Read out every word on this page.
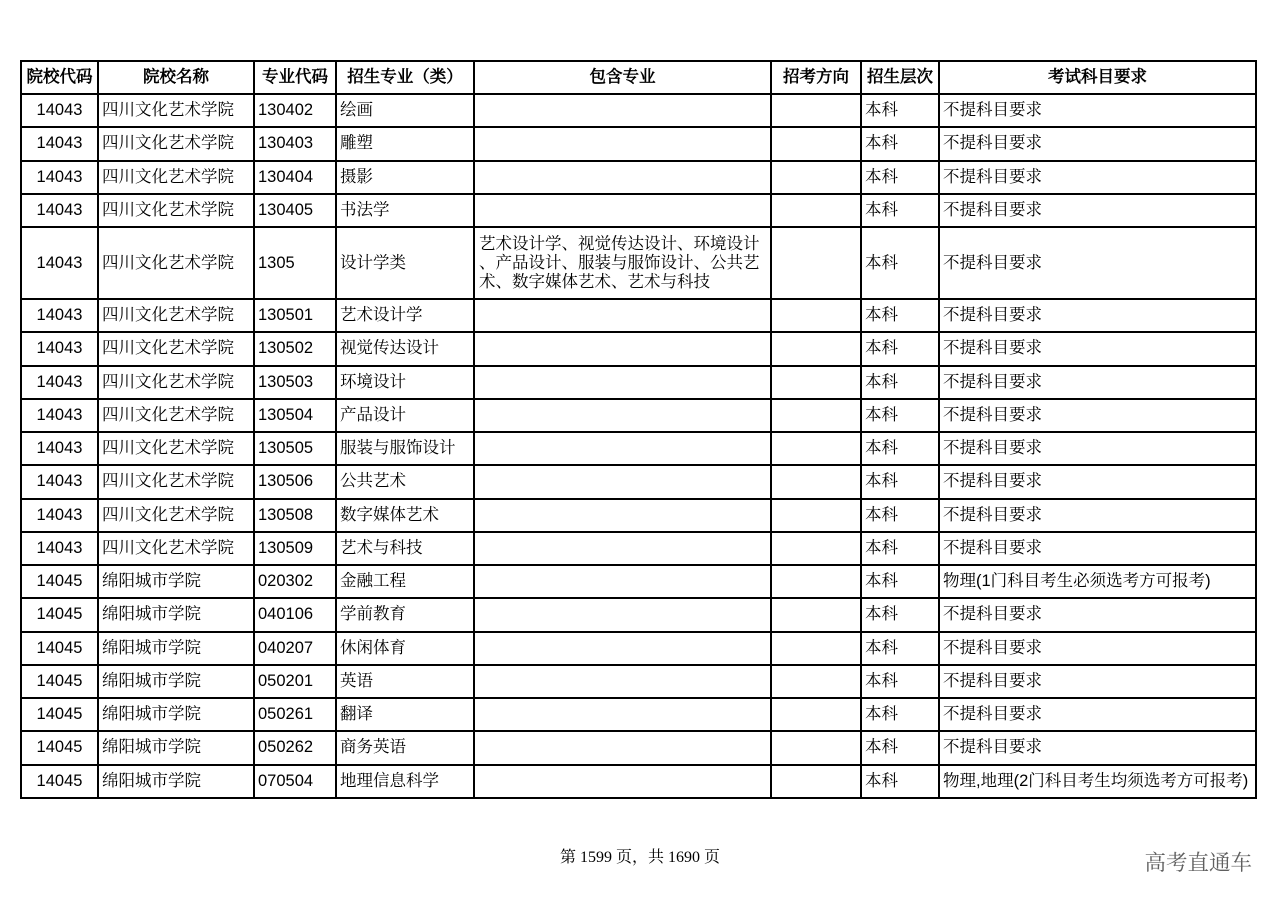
院校代码	院校名称	专业代码	招生专业（类）	包含专业	招考方向	招生层次	考试科目要求
14043	四川文化艺术学院	130402	绘画			本科	不提科目要求
14043	四川文化艺术学院	130403	雕塑			本科	不提科目要求
14043	四川文化艺术学院	130404	摄影			本科	不提科目要求
14043	四川文化艺术学院	130405	书法学			本科	不提科目要求
14043	四川文化艺术学院	1305	设计学类	艺术设计学、视觉传达设计、环境设计、产品设计、服装与服饰设计、公共艺术、数字媒体艺术、艺术与科技		本科	不提科目要求
14043	四川文化艺术学院	130501	艺术设计学			本科	不提科目要求
14043	四川文化艺术学院	130502	视觉传达设计			本科	不提科目要求
14043	四川文化艺术学院	130503	环境设计			本科	不提科目要求
14043	四川文化艺术学院	130504	产品设计			本科	不提科目要求
14043	四川文化艺术学院	130505	服装与服饰设计			本科	不提科目要求
14043	四川文化艺术学院	130506	公共艺术			本科	不提科目要求
14043	四川文化艺术学院	130508	数字媒体艺术			本科	不提科目要求
14043	四川文化艺术学院	130509	艺术与科技			本科	不提科目要求
14045	绵阳城市学院	020302	金融工程			本科	物理(1门科目考生必须选考方可报考)
14045	绵阳城市学院	040106	学前教育			本科	不提科目要求
14045	绵阳城市学院	040207	休闲体育			本科	不提科目要求
14045	绵阳城市学院	050201	英语			本科	不提科目要求
14045	绵阳城市学院	050261	翻译			本科	不提科目要求
14045	绵阳城市学院	050262	商务英语			本科	不提科目要求
14045	绵阳城市学院	070504	地理信息科学			本科	物理,地理(2门科目考生均须选考方可报考)
第 1599 页，共 1690 页	高考直通车
